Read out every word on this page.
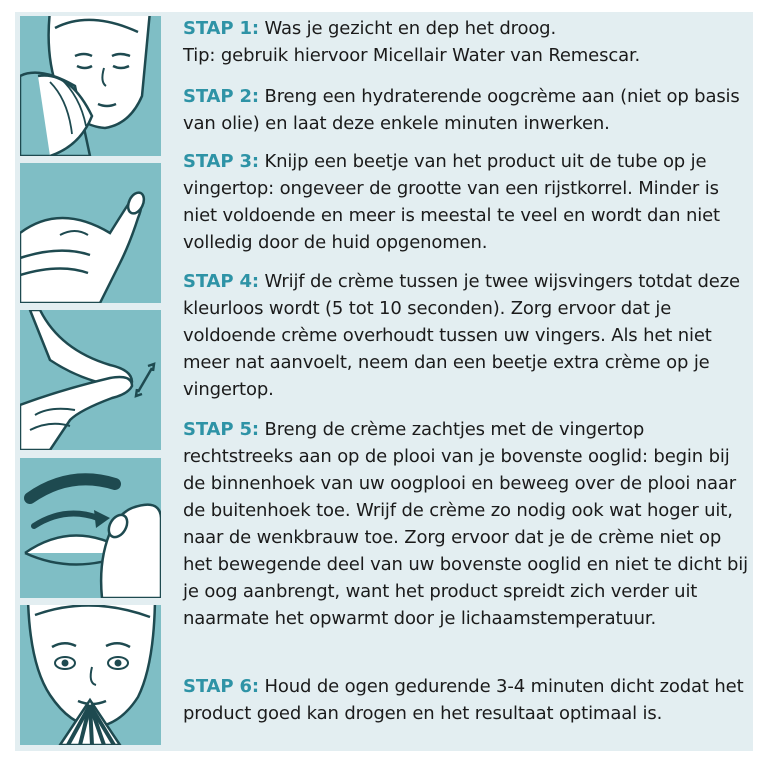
STAP 1: Was je gezicht en dep het droog.
Tip: gebruik hiervoor Micellair Water van Remescar.
STAP 2: Breng een hydraterende oogcrème aan (niet op basis van olie) en laat deze enkele minuten inwerken.
STAP 3: Knijp een beetje van het product uit de tube op je vingertop: ongeveer de grootte van een rijstkorrel. Minder is niet voldoende en meer is meestal te veel en wordt dan niet volledig door de huid opgenomen.
STAP 4: Wrijf de crème tussen je twee wijsvingers totdat deze kleurloos wordt (5 tot 10 seconden). Zorg ervoor dat je voldoende crème overhoudt tussen uw vingers. Als het niet meer nat aanvoelt, neem dan een beetje extra crème op je vingertop.
STAP 5: Breng de crème zachtjes met de vingertop rechtstreeks aan op de plooi van je bovenste ooglid: begin bij de binnenhoek van uw oogplooi en beweeg over de plooi naar de buitenhoek toe. Wrijf de crème zo nodig ook wat hoger uit, naar de wenkbrauw toe. Zorg ervoor dat je de crème niet op het bewegende deel van uw bovenste ooglid en niet te dicht bij je oog aanbrengt, want het product spreidt zich verder uit naarmate het opwarmt door je lichaamstemperatuur.
STAP 6: Houd de ogen gedurende 3-4 minuten dicht zodat het product goed kan drogen en het resultaat optimaal is.
